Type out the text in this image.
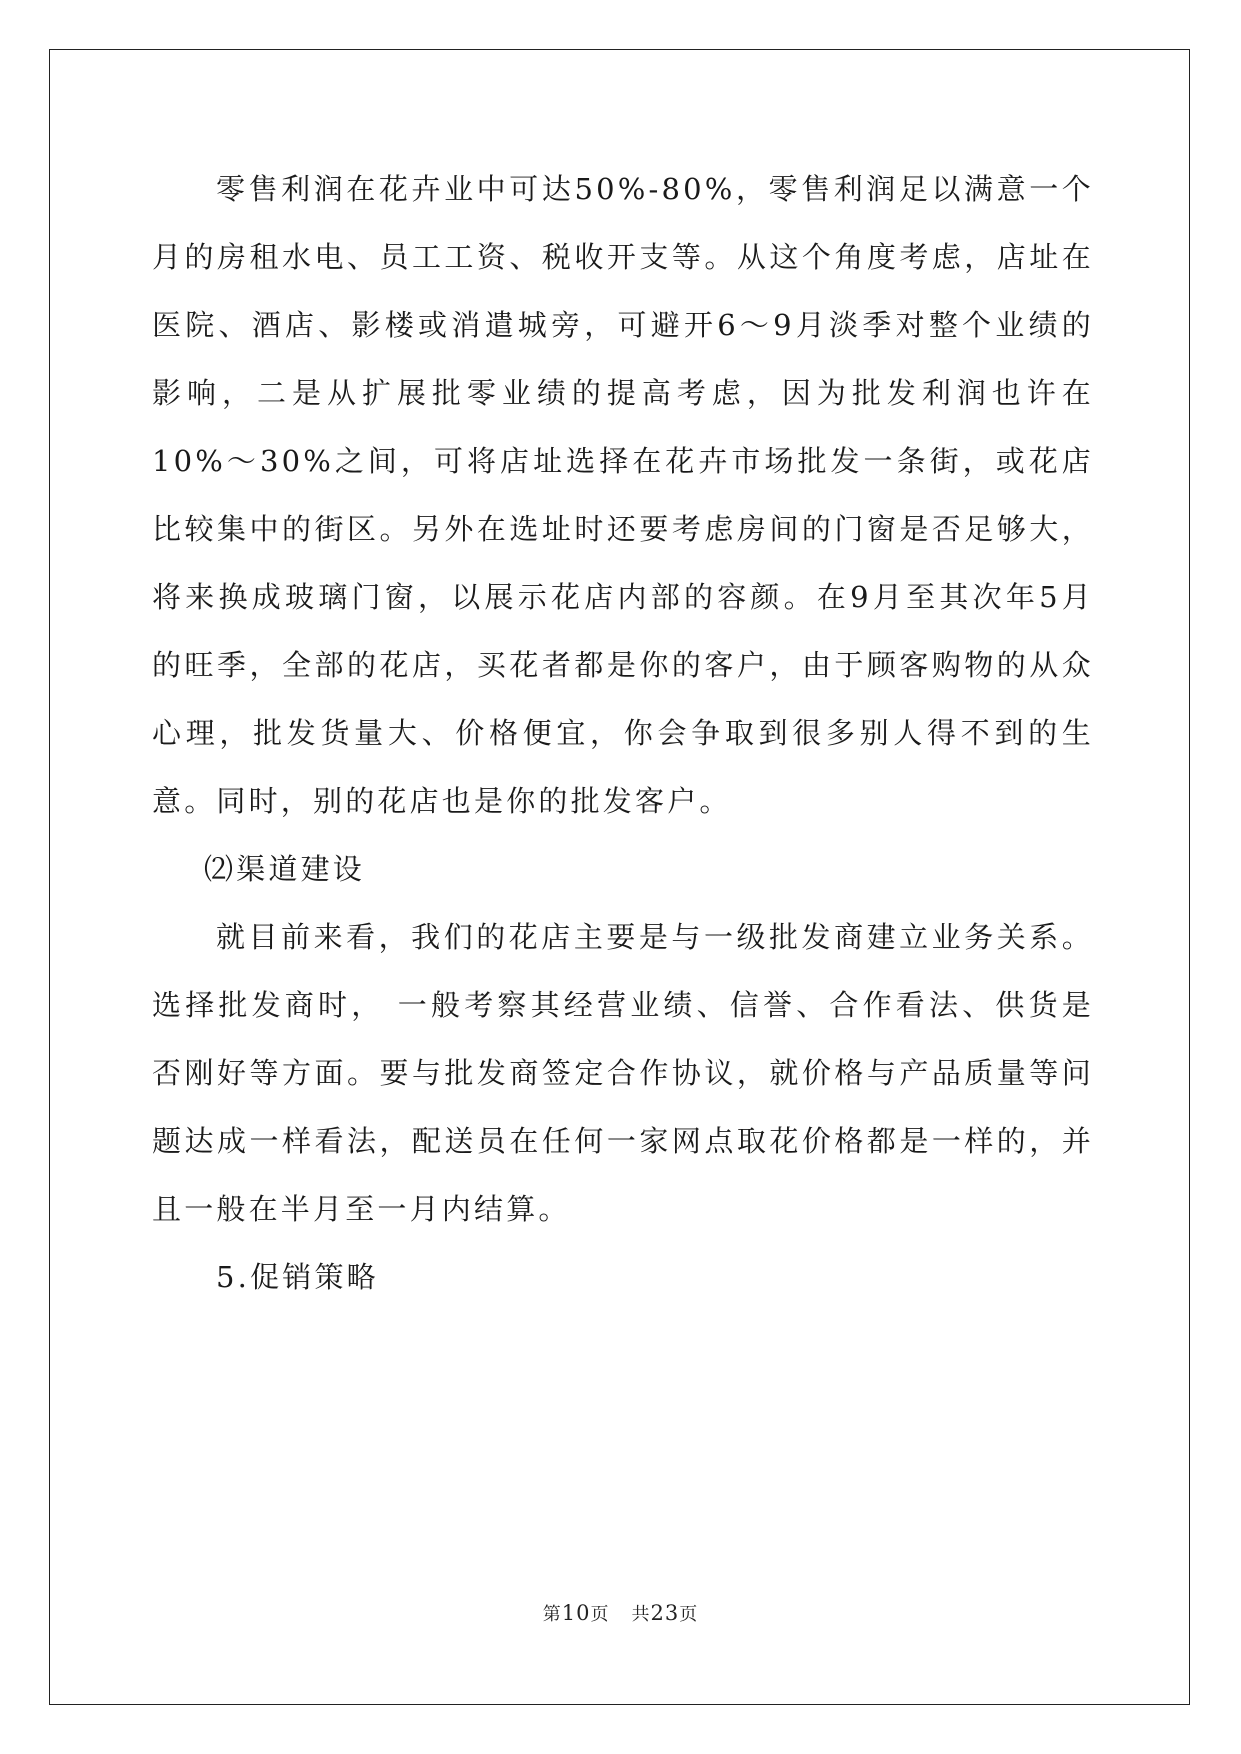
零售利润在花卉业中可达50%-80%，零售利润足以满意一个月的房租水电、员工工资、税收开支等。从这个角度考虑，店址在医院、酒店、影楼或消遣城旁，可避开6～9月淡季对整个业绩的影响，二是从扩展批零业绩的提高考虑，因为批发利润也许在10%～30%之间，可将店址选择在花卉市场批发一条街，或花店比较集中的街区。另外在选址时还要考虑房间的门窗是否足够大，将来换成玻璃门窗，以展示花店内部的容颜。在9月至其次年5月的旺季，全部的花店，买花者都是你的客户，由于顾客购物的从众心理，批发货量大、价格便宜，你会争取到很多别人得不到的生意。同时，别的花店也是你的批发客户。

⑵渠道建设

就目前来看，我们的花店主要是与一级批发商建立业务关系。选择批发商时， 一般考察其经营业绩、信誉、合作看法、供货是否刚好等方面。要与批发商签定合作协议，就价格与产品质量等问题达成一样看法，配送员在任何一家网点取花价格都是一样的，并且一般在半月至一月内结算。

5.促销策略

第10页 共23页
